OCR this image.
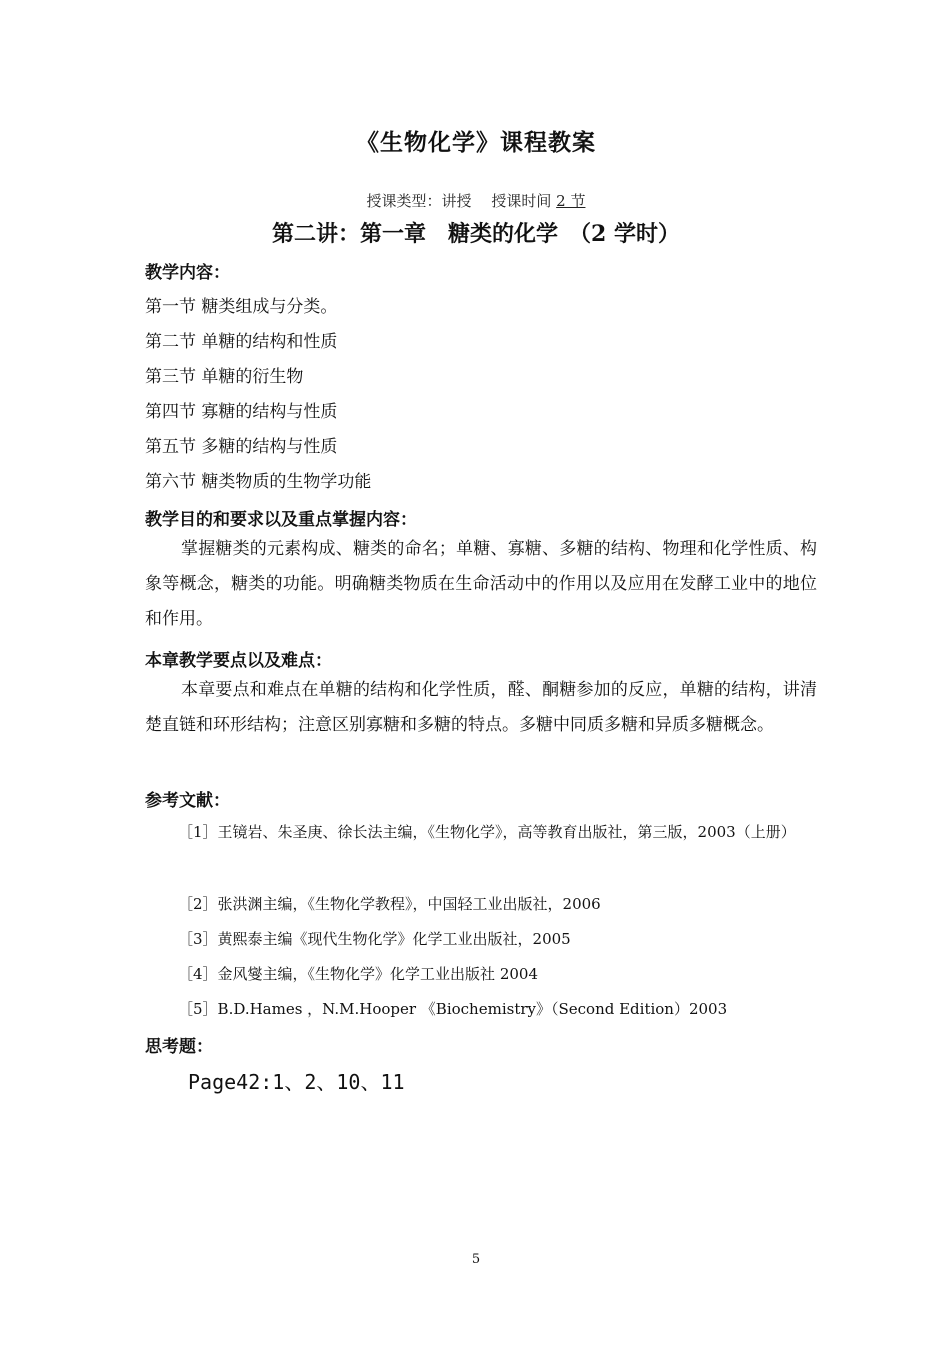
《生物化学》课程教案
授课类型：讲授　 授课时间 2 节
第二讲：第一章　糖类的化学　（2 学时）
教学内容：
第一节 糖类组成与分类。
第二节 单糖的结构和性质
第三节 单糖的衍生物
第四节 寡糖的结构与性质
第五节 多糖的结构与性质
第六节 糖类物质的生物学功能
教学目的和要求以及重点掌握内容：
掌握糖类的元素构成、糖类的命名；单糖、寡糖、多糖的结构、物理和化学性质、构象等概念，糖类的功能。明确糖类物质在生命活动中的作用以及应用在发酵工业中的地位和作用。
本章教学要点以及难点：
本章要点和难点在单糖的结构和化学性质，醛、酮糖参加的反应，单糖的结构，讲清楚直链和环形结构；注意区别寡糖和多糖的特点。多糖中同质多糖和异质多糖概念。
参考文献：
［1］王镜岩、朱圣庚、徐长法主编，《生物化学》，高等教育出版社，第三版，2003（上册）
［2］张洪渊主编，《生物化学教程》，中国轻工业出版社，2006
［3］黄熙泰主编《现代生物化学》化学工业出版社，2005
［4］金风燮主编，《生物化学》化学工业出版社 2004
［5］B.D.Hames ，N.M.Hooper 《Biochemistry》（Second Edition）2003
思考题：
Page42:1、2、10、11
5
